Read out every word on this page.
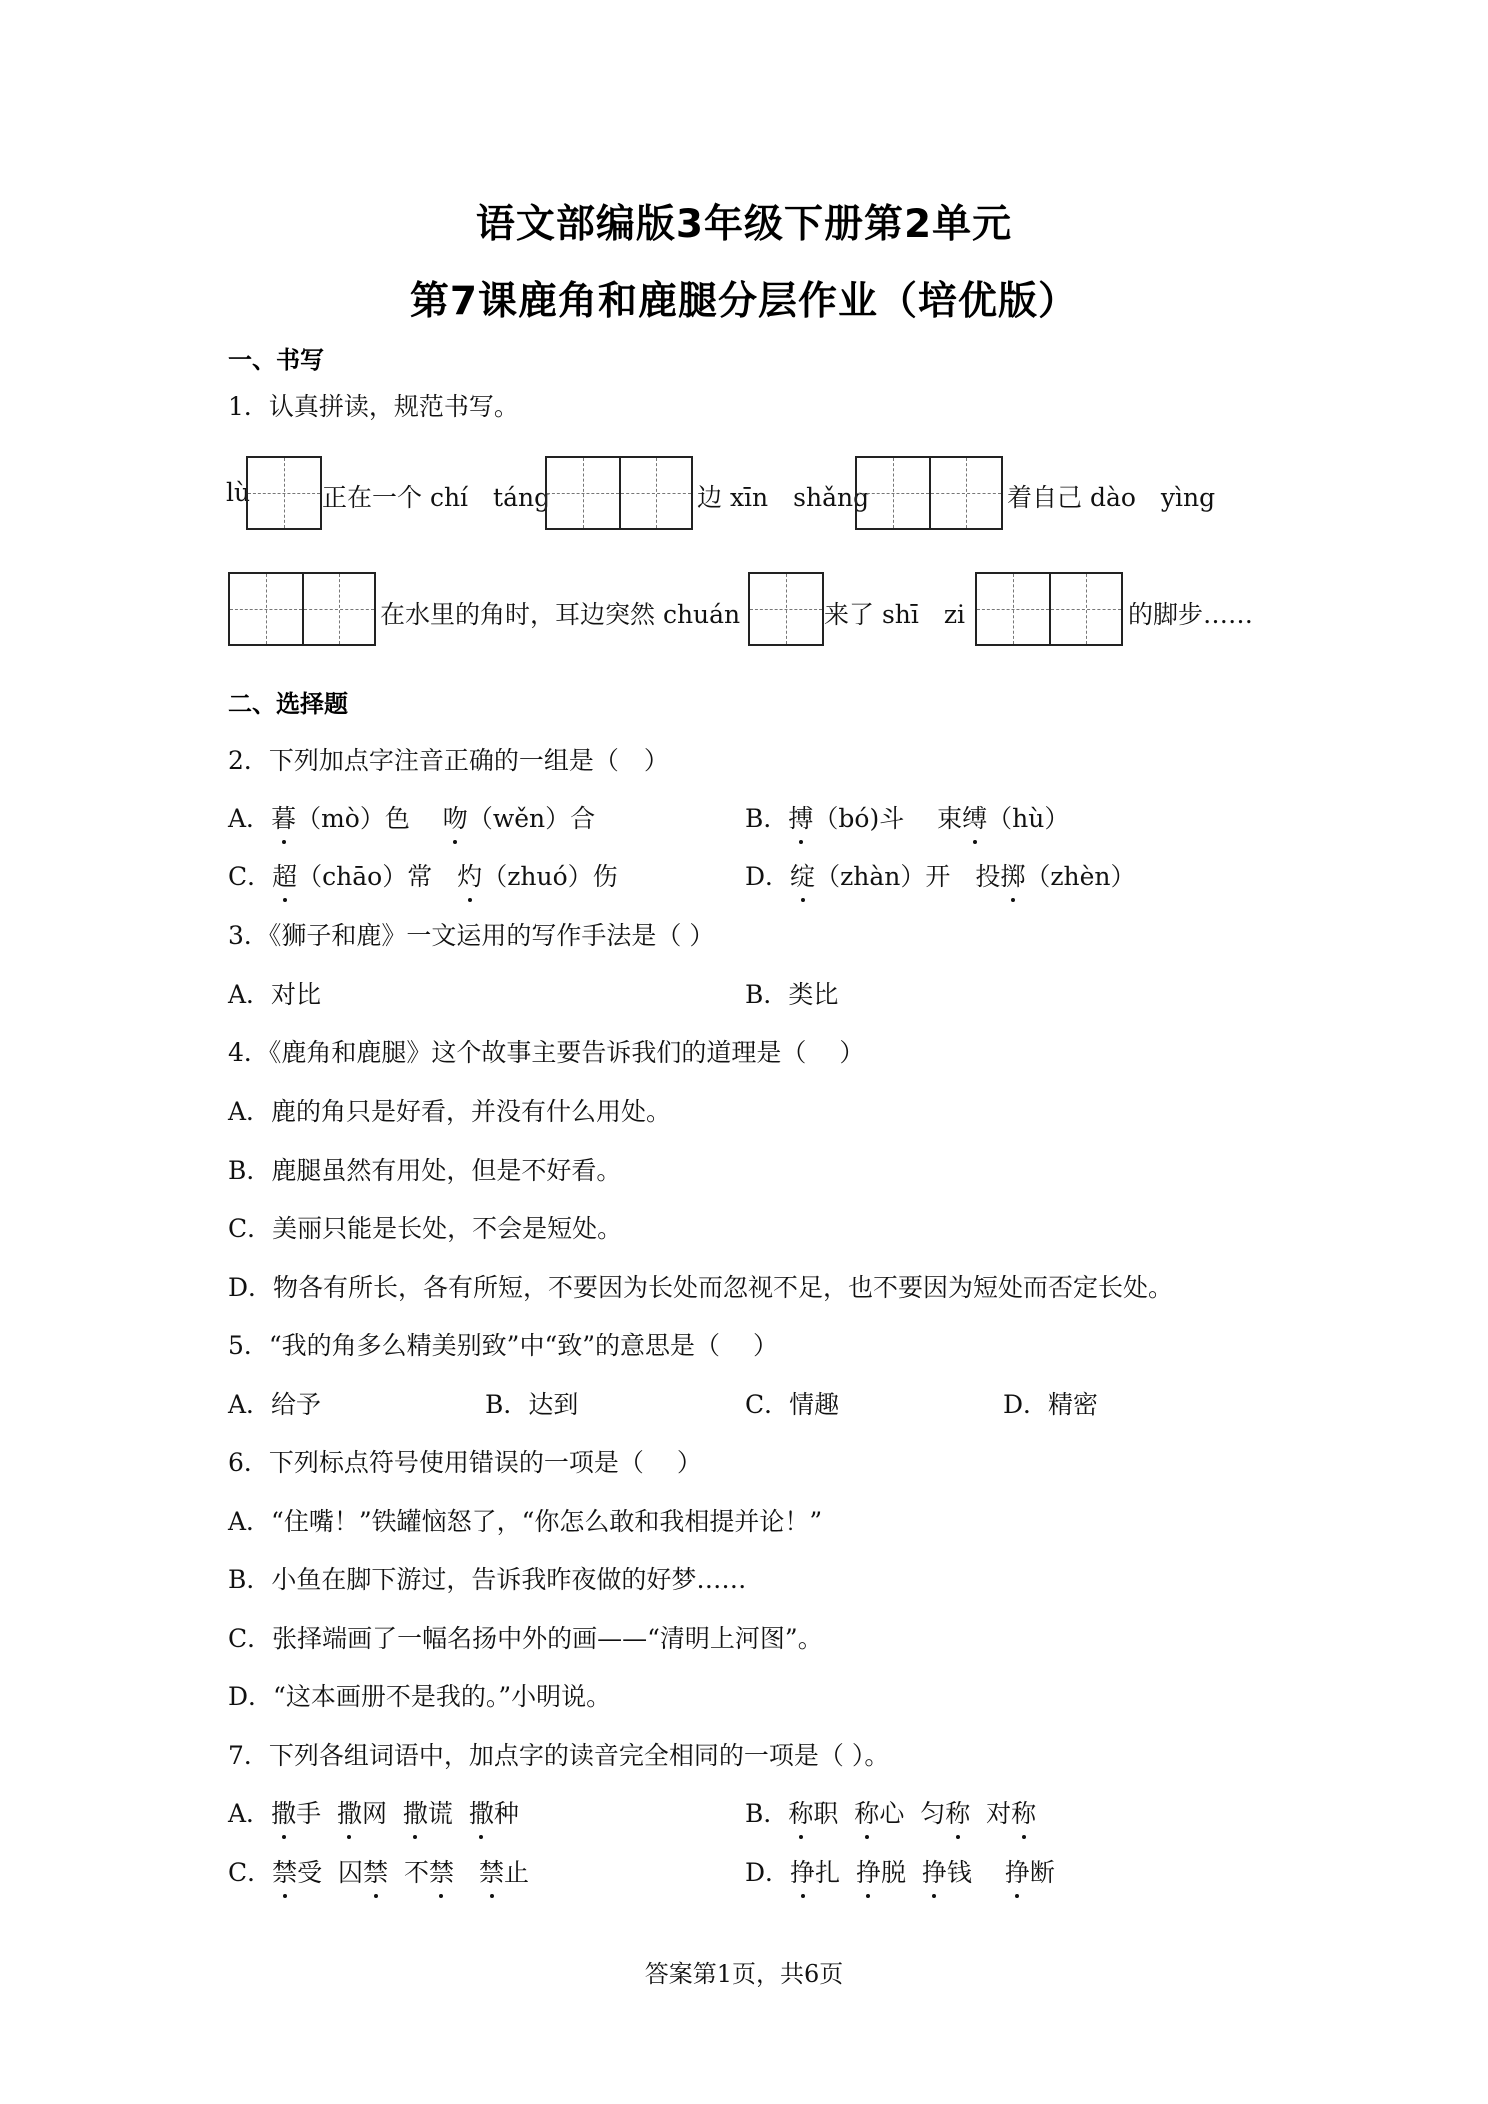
语文部编版3年级下册第2单元
第7课鹿角和鹿腿分层作业（培优版）
一、书写
1．认真拼读，规范书写。
lù	正在一个 chí　táng	边 xīn　shǎng	着自己 dào　yìng
在水里的角时，耳边突然 chuán	来了 shī　zi	的脚步……
二、选择题
2．下列加点字注音正确的一组是（　）
A．暮（mò）色　 吻（wěn）合	B．搏（bó)斗　 束缚（hù）
C．超（chāo）常　灼（zhuó）伤	D．绽（zhàn）开　投掷（zhèn）
3．《狮子和鹿》一文运用的写作手法是（ ）
A．对比	B．类比
4．《鹿角和鹿腿》这个故事主要告诉我们的道理是（　 ）
A．鹿的角只是好看，并没有什么用处。
B．鹿腿虽然有用处，但是不好看。
C．美丽只能是长处，不会是短处。
D．物各有所长，各有所短，不要因为长处而忽视不足，也不要因为短处而否定长处。
5．“我的角多么精美别致”中“致”的意思是（　 ）
A．给予	B．达到	C．情趣	D．精密
6．下列标点符号使用错误的一项是（　 ）
A．“住嘴！”铁罐恼怒了，“你怎么敢和我相提并论！”
B．小鱼在脚下游过，告诉我昨夜做的好梦……
C．张择端画了一幅名扬中外的画——“清明上河图”。
D．“这本画册不是我的。”小明说。
7．下列各组词语中，加点字的读音完全相同的一项是（ ）。
A．撒手  撒网  撒谎  撒种	B．称职  称心  匀称  对称
C．禁受  囚禁  不禁　 禁止	D．挣扎  挣脱  挣钱　 挣断
答案第1页，共6页
